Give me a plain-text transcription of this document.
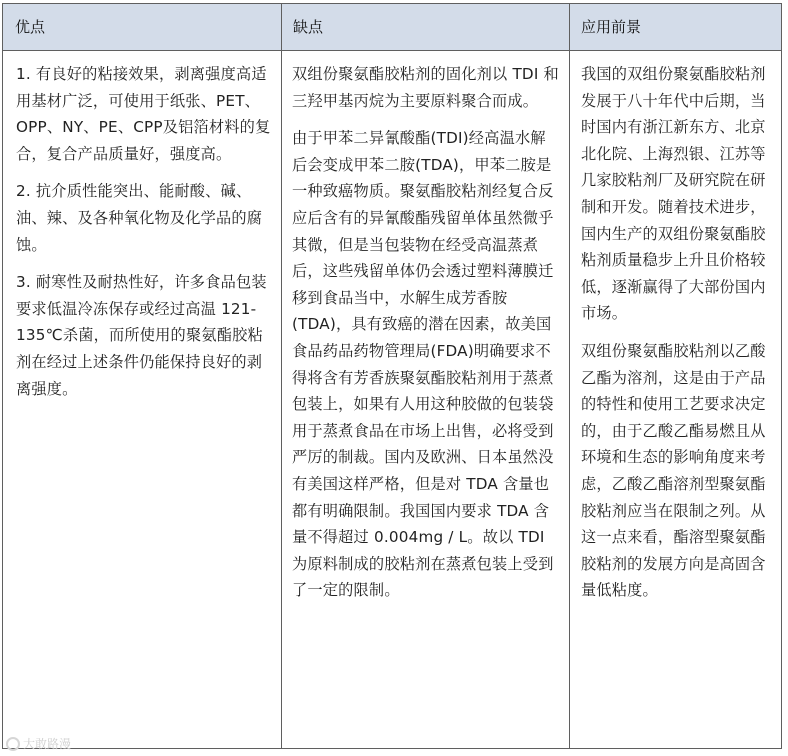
优点	缺点	应用前景

1. 有良好的粘接效果，剥离强度高适用基材广泛，可使用于纸张、PET、OPP、NY、PE、CPP及铝箔材料的复合，复合产品质量好，强度高。

2. 抗介质性能突出、能耐酸、碱、油、辣、及各种氧化物及化学品的腐蚀。

3. 耐寒性及耐热性好，许多食品包装要求低温冷冻保存或经过高温 121-135℃杀菌，而所使用的聚氨酯胶粘剂在经过上述条件仍能保持良好的剥离强度。

双组份聚氨酯胶粘剂的固化剂以 TDI 和三羟甲基丙烷为主要原料聚合而成。

由于甲苯二异氰酸酯(TDI)经高温水解后会变成甲苯二胺(TDA)，甲苯二胺是一种致癌物质。聚氨酯胶粘剂经复合反应后含有的异氰酸酯残留单体虽然微乎其微，但是当包装物在经受高温蒸煮后，这些残留单体仍会透过塑料薄膜迁移到食品当中，水解生成芳香胺(TDA)，具有致癌的潜在因素，故美国食品药品药物管理局(FDA)明确要求不得将含有芳香族聚氨酯胶粘剂用于蒸煮包装上，如果有人用这种胶做的包装袋用于蒸煮食品在市场上出售，必将受到严厉的制裁。国内及欧洲、日本虽然没有美国这样严格，但是对 TDA 含量也都有明确限制。我国国内要求 TDA 含量不得超过 0.004mg / L。故以 TDI 为原料制成的胶粘剂在蒸煮包装上受到了一定的限制。

我国的双组份聚氨酯胶粘剂发展于八十年代中后期，当时国内有浙江新东方、北京北化院、上海烈银、江苏等几家胶粘剂厂及研究院在研制和开发。随着技术进步，国内生产的双组份聚氨酯胶粘剂质量稳步上升且价格较低，逐渐赢得了大部份国内市场。

双组份聚氨酯胶粘剂以乙酸乙酯为溶剂，这是由于产品的特性和使用工艺要求决定的，由于乙酸乙酯易燃且从环境和生态的影响角度来考虑，乙酸乙酯溶剂型聚氨酯胶粘剂应当在限制之列。从这一点来看，酯溶型聚氨酯胶粘剂的发展方向是高固含量低粘度。

大敢路漫
